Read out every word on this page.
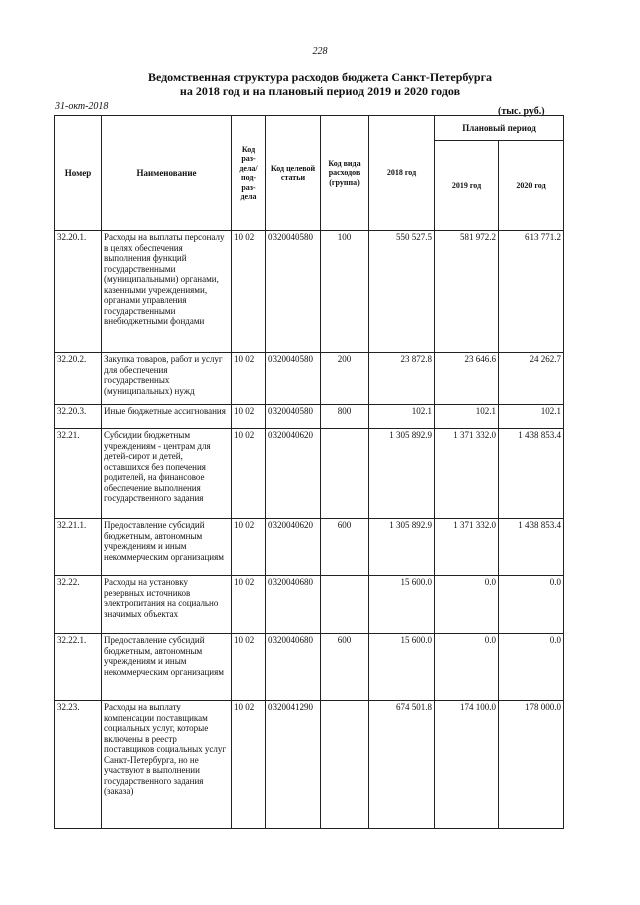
228
Ведомственная структура расходов бюджета Санкт-Петербурга
на 2018 год и на плановый период 2019 и 2020 годов
31-окт-2018	(тыс. руб.)
Номер	Наименование	Код раз-дела/ под-раз-дела	Код целевой статьи	Код вида расходов (группа)	2018 год	Плановый период	
						2019 год	2020 год
32.20.1.	Расходы на выплаты персоналу в целях обеспечения выполнения функций государственными (муниципальными) органами, казенными учреждениями, органами управления государственными внебюджетными фондами	10 02	0320040580	100	550 527.5	581 972.2	613 771.2
32.20.2.	Закупка товаров, работ и услуг для обеспечения государственных (муниципальных) нужд	10 02	0320040580	200	23 872.8	23 646.6	24 262.7
32.20.3.	Иные бюджетные ассигнования	10 02	0320040580	800	102.1	102.1	102.1
32.21.	Субсидии бюджетным учреждениям - центрам для детей-сирот и детей, оставшихся без попечения родителей, на финансовое обеспечение выполнения государственного задания	10 02	0320040620		1 305 892.9	1 371 332.0	1 438 853.4
32.21.1.	Предоставление субсидий бюджетным, автономным учреждениям и иным некоммерческим организациям	10 02	0320040620	600	1 305 892.9	1 371 332.0	1 438 853.4
32.22.	Расходы на установку резервных источников электропитания на социально значимых объектах	10 02	0320040680		15 600.0	0.0	0.0
32.22.1.	Предоставление субсидий бюджетным, автономным учреждениям и иным некоммерческим организациям	10 02	0320040680	600	15 600.0	0.0	0.0
32.23.	Расходы на выплату компенсации поставщикам социальных услуг, которые включены в реестр поставщиков социальных услуг Санкт-Петербурга, но не участвуют в выполнении государственного задания (заказа)	10 02	0320041290		674 501.8	174 100.0	178 000.0
